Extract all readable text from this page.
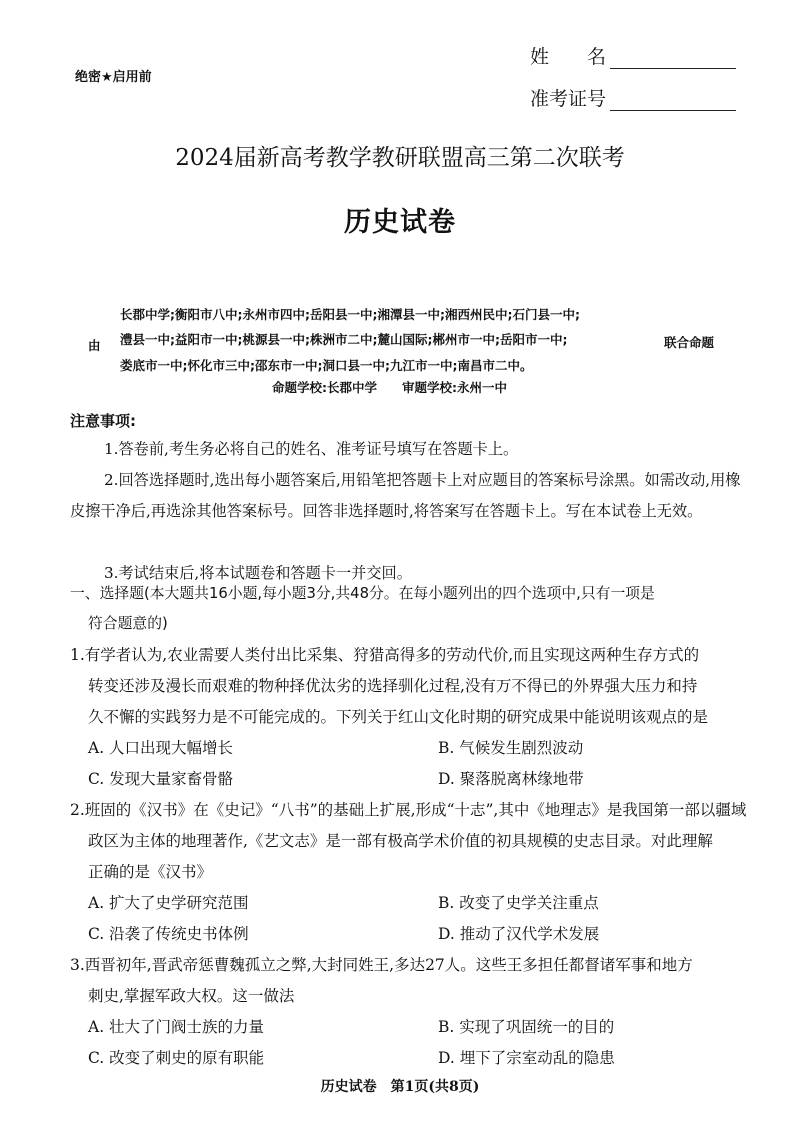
绝密★启用前
姓　　名
准考证号
2024届新高考教学教研联盟高三第二次联考
历史试卷
由
长郡中学;衡阳市八中;永州市四中;岳阳县一中;湘潭县一中;湘西州民中;石门县一中;
澧县一中;益阳市一中;桃源县一中;株洲市二中;麓山国际;郴州市一中;岳阳市一中;
娄底市一中;怀化市三中;邵东市一中;洞口县一中;九江市一中;南昌市二中。
联合命题
命题学校:长郡中学　　审题学校:永州一中
注意事项:
1.答卷前,考生务必将自己的姓名、准考证号填写在答题卡上。
2.回答选择题时,选出每小题答案后,用铅笔把答题卡上对应题目的答案标号涂黑。如需改动,用橡皮擦干净后,再选涂其他答案标号。回答非选择题时,将答案写在答题卡上。写在本试卷上无效。
3.考试结束后,将本试题卷和答题卡一并交回。
一、选择题(本大题共16小题,每小题3分,共48分。在每小题列出的四个选项中,只有一项是
符合题意的)
1.有学者认为,农业需要人类付出比采集、狩猎高得多的劳动代价,而且实现这两种生存方式的
转变还涉及漫长而艰难的物种择优汰劣的选择驯化过程,没有万不得已的外界强大压力和持
久不懈的实践努力是不可能完成的。下列关于红山文化时期的研究成果中能说明该观点的是
A. 人口出现大幅增长	B. 气候发生剧烈波动
C. 发现大量家畜骨骼	D. 聚落脱离林缘地带
2.班固的《汉书》在《史记》“八书”的基础上扩展,形成“十志”,其中《地理志》是我国第一部以疆域
政区为主体的地理著作,《艺文志》是一部有极高学术价值的初具规模的史志目录。对此理解
正确的是《汉书》
A. 扩大了史学研究范围	B. 改变了史学关注重点
C. 沿袭了传统史书体例	D. 推动了汉代学术发展
3.西晋初年,晋武帝惩曹魏孤立之弊,大封同姓王,多达27人。这些王多担任都督诸军事和地方
刺史,掌握军政大权。这一做法
A. 壮大了门阀士族的力量	B. 实现了巩固统一的目的
C. 改变了刺史的原有职能	D. 埋下了宗室动乱的隐患
历史试卷　第1页(共8页)
